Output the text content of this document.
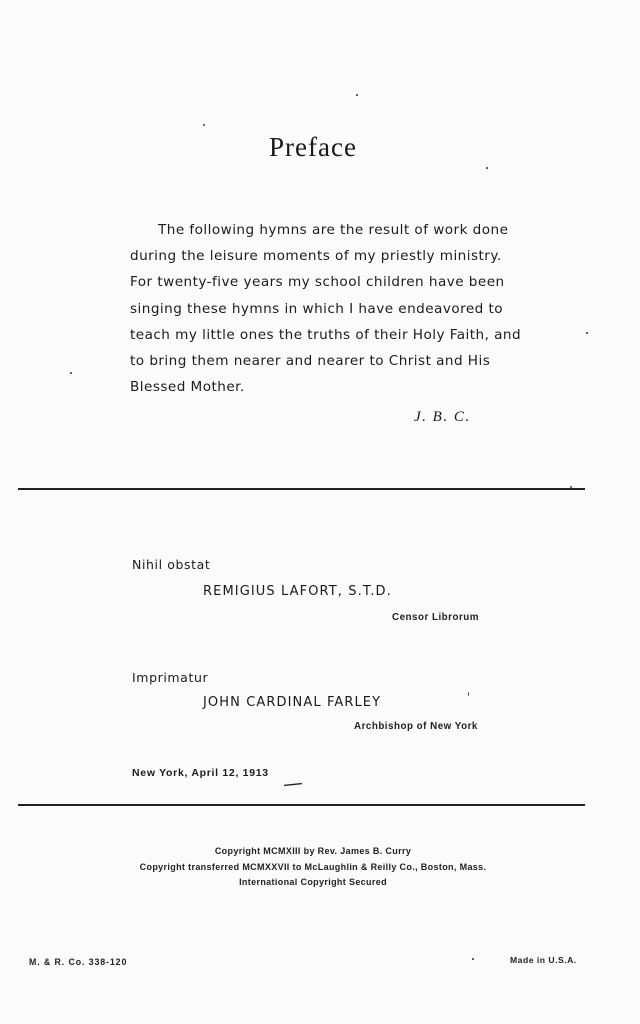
Preface
The following hymns are the result of work done
during the leisure moments of my priestly ministry.
For twenty-five years my school children have been
singing these hymns in which I have endeavored to
teach my little ones the truths of their Holy Faith, and
to bring them nearer and nearer to Christ and His
Blessed Mother.
J. B. C.
Nihil obstat
REMIGIUS LAFORT, S.T.D.
Censor Librorum
Imprimatur
JOHN CARDINAL FARLEY
Archbishop of New York
New York, April 12, 1913
Copyright MCMXIII by Rev. James B. Curry
Copyright transferred MCMXXVII to McLaughlin & Reilly Co., Boston, Mass.
International Copyright Secured
M. & R. Co. 338-120	Made in U.S.A.
